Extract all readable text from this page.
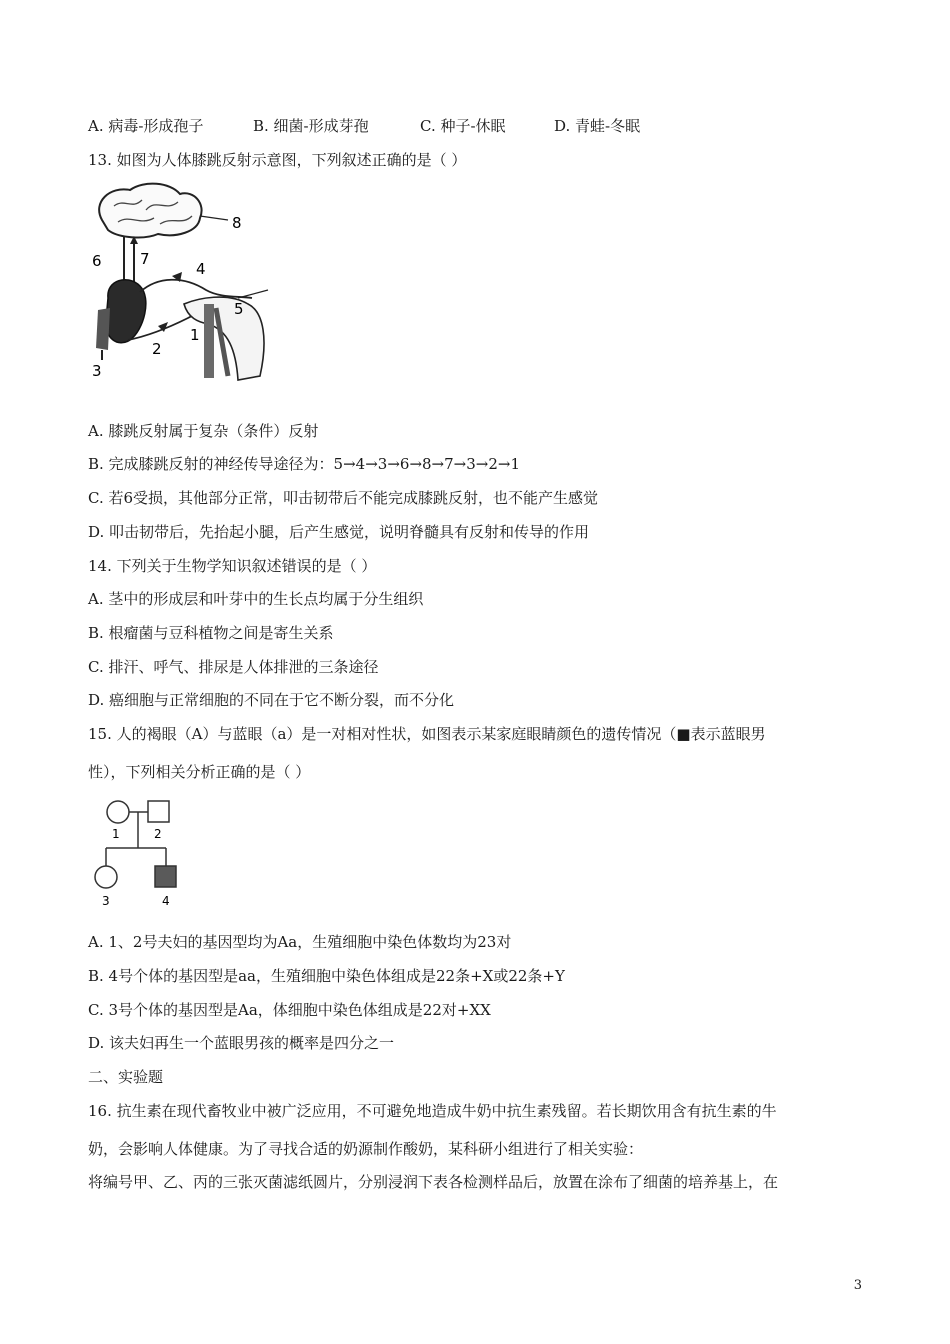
A. 病毒-形成孢子	B. 细菌-形成芽孢	C. 种子-休眠	D. 青蛙-冬眠
13. 如图为人体膝跳反射示意图，下列叙述正确的是（ ）
8
6	7
4
5
1
2
3
A. 膝跳反射属于复杂（条件）反射
B. 完成膝跳反射的神经传导途径为：5→4→3→6→8→7→3→2→1
C. 若6受损，其他部分正常，叩击韧带后不能完成膝跳反射，也不能产生感觉
D. 叩击韧带后，先抬起小腿，后产生感觉，说明脊髓具有反射和传导的作用
14. 下列关于生物学知识叙述错误的是（ ）
A. 茎中的形成层和叶芽中的生长点均属于分生组织
B. 根瘤菌与豆科植物之间是寄生关系
C. 排汗、呼气、排尿是人体排泄的三条途径
D. 癌细胞与正常细胞的不同在于它不断分裂，而不分化
15. 人的褐眼（A）与蓝眼（a）是一对相对性状，如图表示某家庭眼睛颜色的遗传情况（■表示蓝眼男
性），下列相关分析正确的是（ ）
1	2
3	4
A. 1、2号夫妇的基因型均为Aa，生殖细胞中染色体数均为23对
B. 4号个体的基因型是aa，生殖细胞中染色体组成是22条+X或22条+Y
C. 3号个体的基因型是Aa，体细胞中染色体组成是22对+XX
D. 该夫妇再生一个蓝眼男孩的概率是四分之一
二、实验题
16. 抗生素在现代畜牧业中被广泛应用，不可避免地造成牛奶中抗生素残留。若长期饮用含有抗生素的牛
奶，会影响人体健康。为了寻找合适的奶源制作酸奶，某科研小组进行了相关实验：
将编号甲、乙、丙的三张灭菌滤纸圆片，分别浸润下表各检测样品后，放置在涂布了细菌的培养基上，在
3
